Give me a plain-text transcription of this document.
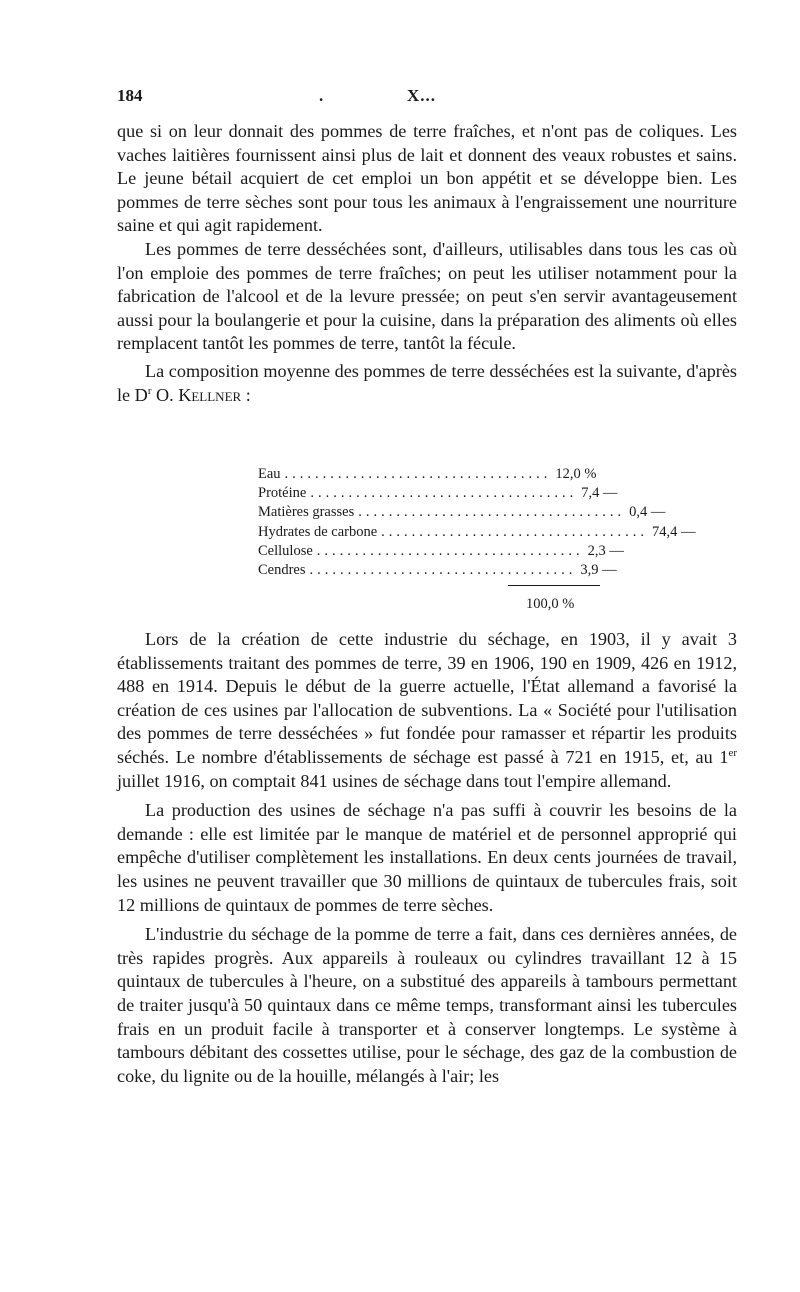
184	.	X...

que si on leur donnait des pommes de terre fraîches, et n'ont pas de coliques. Les vaches laitières fournissent ainsi plus de lait et donnent des veaux robustes et sains. Le jeune bétail acquiert de cet emploi un bon appétit et se développe bien. Les pommes de terre sèches sont pour tous les animaux à l'engraissement une nourriture saine et qui agit rapidement.

Les pommes de terre desséchées sont, d'ailleurs, utilisables dans tous les cas où l'on emploie des pommes de terre fraîches; on peut les utiliser notamment pour la fabrication de l'alcool et de la levure pressée; on peut s'en servir avantageusement aussi pour la boulangerie et pour la cuisine, dans la préparation des aliments où elles remplacent tantôt les pommes de terre, tantôt la fécule.

La composition moyenne des pommes de terre desséchées est la suivante, d'après le $D^r$ O. Kellner :

Eau ................................... 12,0 %
Protéine ................................... 7,4 —
Matières grasses ................................... 0,4 —
Hydrates de carbone ................................... 74,4 —
Cellulose ................................... 2,3 —
Cendres ................................... 3,9 —
100,0 %

Lors de la création de cette industrie du séchage, en 1903, il y avait 3 établissements traitant des pommes de terre, 39 en 1906, 190 en 1909, 426 en 1912, 488 en 1914. Depuis le début de la guerre actuelle, l'État allemand a favorisé la création de ces usines par l'allocation de subventions. La « Société pour l'utilisation des pommes de terre desséchées » fut fondée pour ramasser et répartir les produits séchés. Le nombre d'établissements de séchage est passé à 721 en 1915, et, au 1er juillet 1916, on comptait 841 usines de séchage dans tout l'empire allemand.

La production des usines de séchage n'a pas suffi à couvrir les besoins de la demande : elle est limitée par le manque de matériel et de personnel approprié qui empêche d'utiliser complètement les installations. En deux cents journées de travail, les usines ne peuvent travailler que 30 millions de quintaux de tubercules frais, soit 12 millions de quintaux de pommes de terre sèches.

L'industrie du séchage de la pomme de terre a fait, dans ces dernières années, de très rapides progrès. Aux appareils à rouleaux ou cylindres travaillant 12 à 15 quintaux de tubercules à l'heure, on a substitué des appareils à tambours permettant de traiter jusqu'à 50 quintaux dans ce même temps, transformant ainsi les tubercules frais en un produit facile à transporter et à conserver longtemps. Le système à tambours débitant des cossettes utilise, pour le séchage, des gaz de la combustion de coke, du lignite ou de la houille, mélangés à l'air; les
